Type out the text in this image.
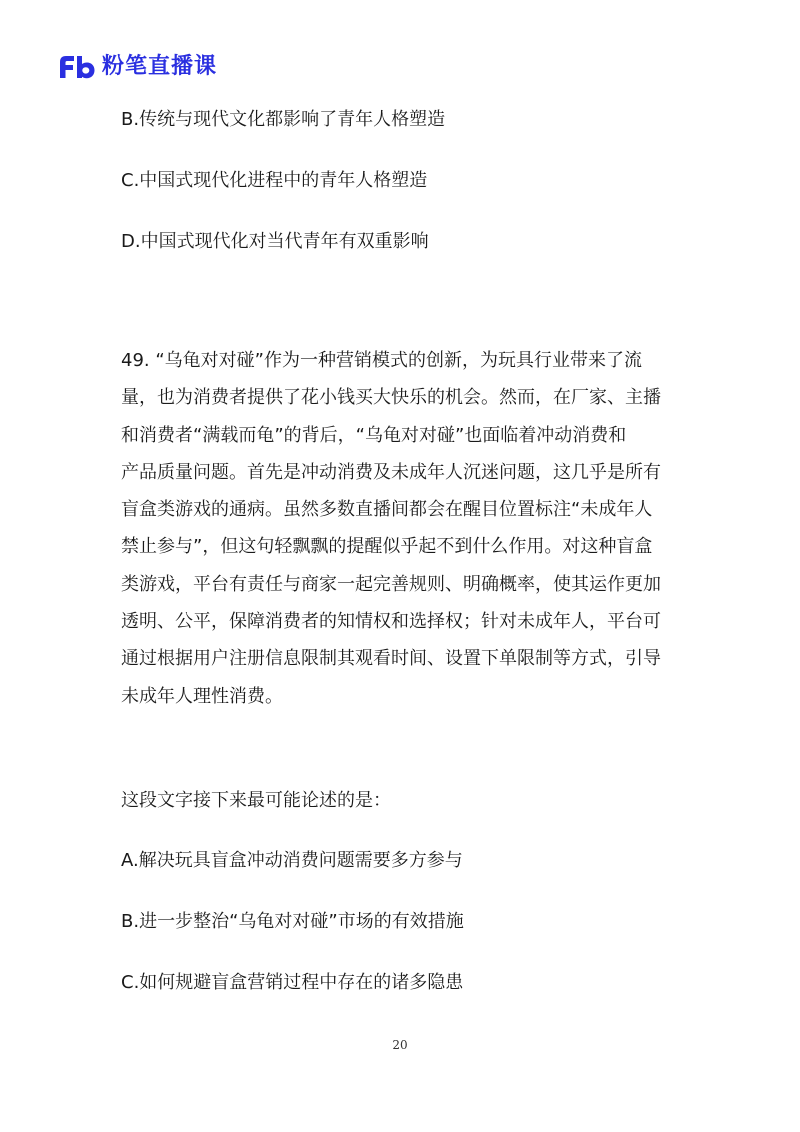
粉笔直播课
B.传统与现代文化都影响了青年人格塑造
C.中国式现代化进程中的青年人格塑造
D.中国式现代化对当代青年有双重影响
49. “乌龟对对碰”作为一种营销模式的创新，为玩具行业带来了流
量，也为消费者提供了花小钱买大快乐的机会。然而，在厂家、主播
和消费者“满载而龟”的背后，“乌龟对对碰”也面临着冲动消费和
产品质量问题。首先是冲动消费及未成年人沉迷问题，这几乎是所有
盲盒类游戏的通病。虽然多数直播间都会在醒目位置标注“未成年人
禁止参与”，但这句轻飘飘的提醒似乎起不到什么作用。对这种盲盒
类游戏，平台有责任与商家一起完善规则、明确概率，使其运作更加
透明、公平，保障消费者的知情权和选择权；针对未成年人，平台可
通过根据用户注册信息限制其观看时间、设置下单限制等方式，引导
未成年人理性消费。
这段文字接下来最可能论述的是：
A.解决玩具盲盒冲动消费问题需要多方参与
B.进一步整治“乌龟对对碰”市场的有效措施
C.如何规避盲盒营销过程中存在的诸多隐患
20
